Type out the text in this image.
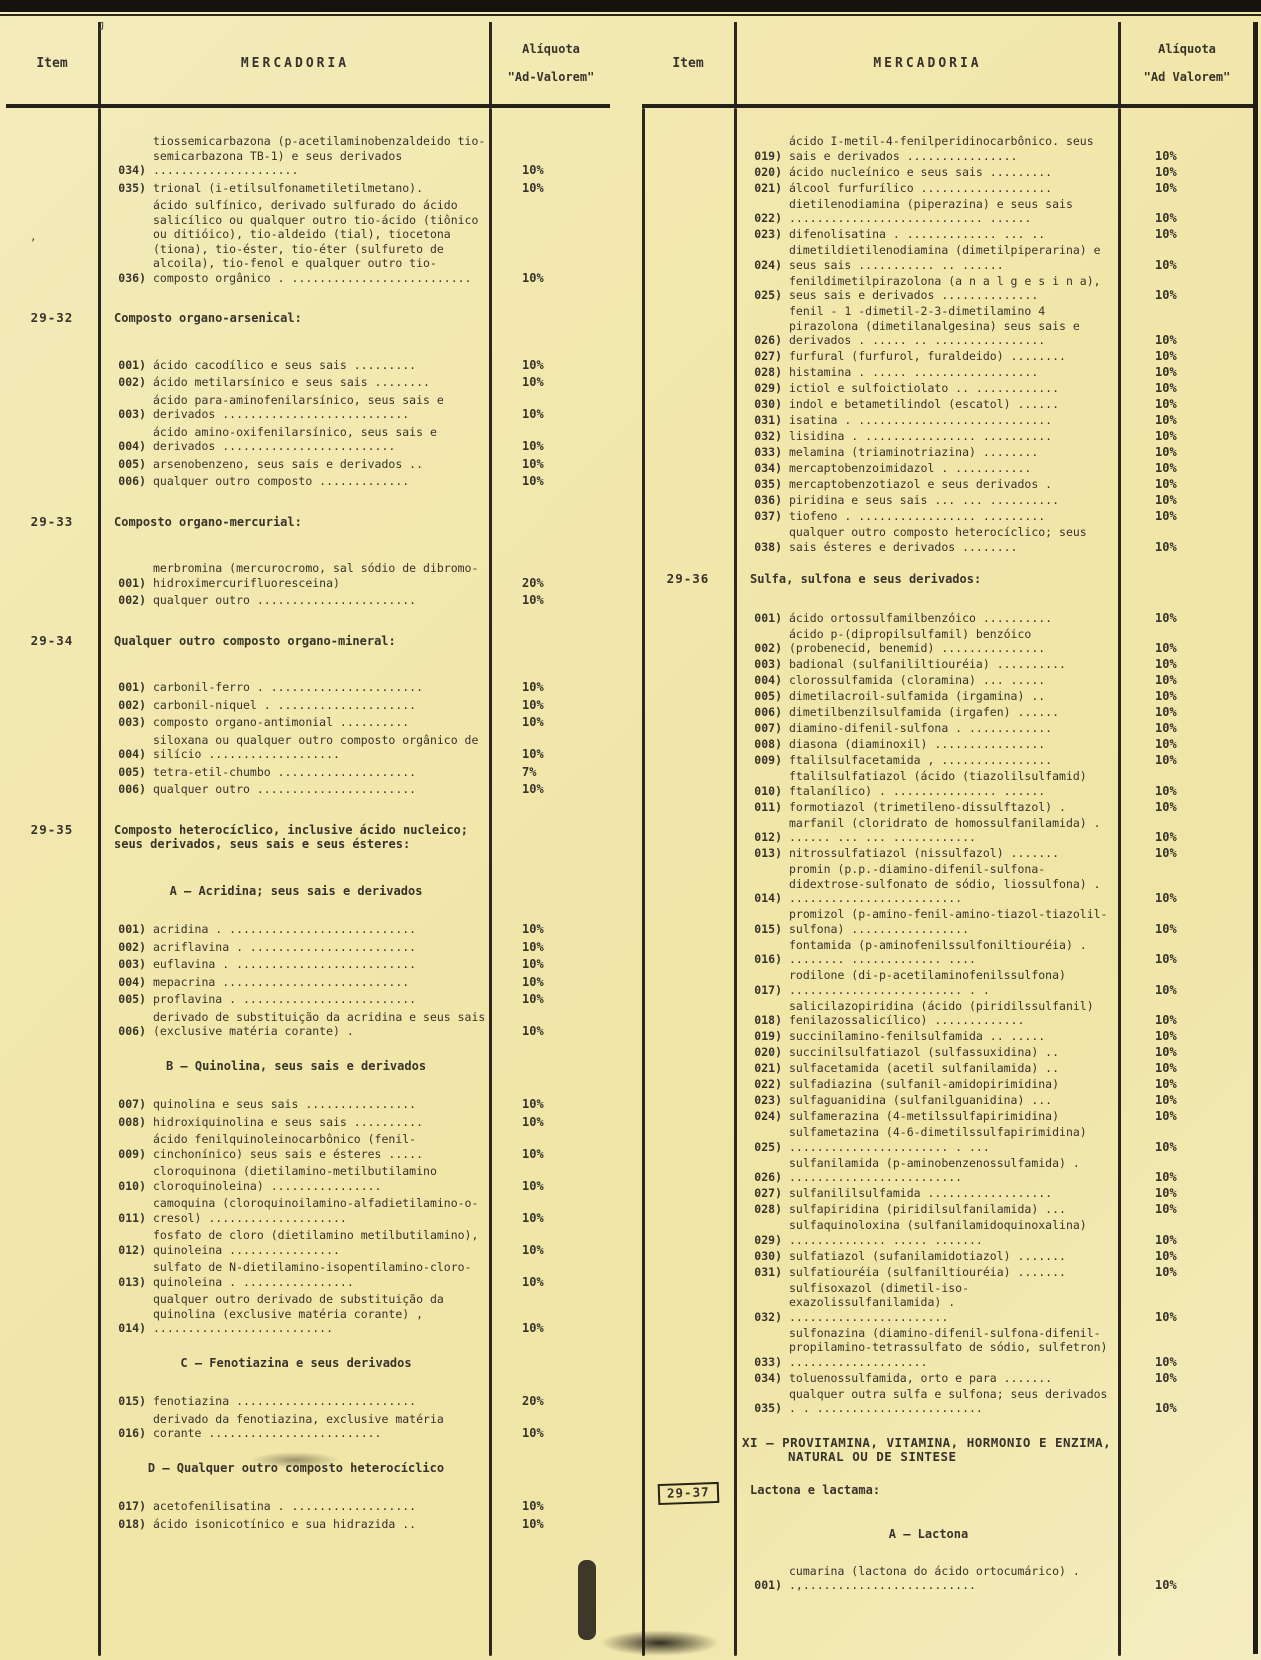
Item	MERCADORIA
Alíquota
"Ad-Valorem"
034)
tiossemicarbazona (p-acetilaminobenzaldeido tio-semicarbazona TB-1) e seus derivados .....................	10%
035) trional (i-etilsulfonametiletilmetano).	10%
036)
ácido sulfínico, derivado sulfurado do ácido salicílico ou qualquer outro tio-ácido (tiônico ou ditióico), tio-aldeido (tial), tiocetona (tiona), tio-éster, tio-éter (sulfureto de alcoila), tio-fenol e qualquer outro tio-composto orgânico . ..........................	10%
29-32	Composto organo-arsenical:
001) ácido cacodílico e seus sais .........	10%
002) ácido metilarsínico e seus sais ........	10%
003)
ácido para-aminofenilarsínico, seus sais e derivados ...........................	10%
004)
ácido amino-oxifenilarsínico, seus sais e derivados .........................	10%
005) arsenobenzeno, seus sais e derivados ..	10%
006) qualquer outro composto .............	10%
29-33	Composto organo-mercurial:
001)
merbromina (mercurocromo, sal sódio de dibromo-hidroximercurifluoresceina)	20%
002) qualquer outro .......................	10%
29-34	Qualquer outro composto organo-mineral:
001) carbonil-ferro . ......................	10%
002) carbonil-niquel . ....................	10%
003) composto organo-antimonial ..........	10%
004)
siloxana ou qualquer outro composto orgânico de silício ...................	10%
005) tetra-etil-chumbo ....................	7%
006) qualquer outro .......................	10%
29-35	Composto heterocíclico, inclusive ácido nucleico; seus derivados, seus sais e seus ésteres:
A — Acridina; seus sais e derivados
001) acridina . ...........................	10%
002) acriflavina . ........................	10%
003) euflavina . ..........................	10%
004) mepacrina ...........................	10%
005) proflavina . .........................	10%
006)
derivado de substituição da acridina e seus sais (exclusive matéria corante) .	10%
B — Quinolina, seus sais e derivados
007) quinolina e seus sais ................	10%
008) hidroxiquinolina e seus sais ..........	10%
009)
ácido fenilquinoleinocarbônico (fenil-cinchonínico) seus sais e ésteres .....	10%
010)
cloroquinona (dietilamino-metilbutilamino cloroquinoleina) ................	10%
011)
camoquina (cloroquinoilamino-alfadietilamino-o-cresol) ....................	10%
012)
fosfato de cloro (dietilamino metilbutilamino), quinoleina ................	10%
013)
sulfato de N-dietilamino-isopentilamino-cloro-quinoleina . ................	10%
014)
qualquer outro derivado de substituição da quinolina (exclusive matéria corante) , ..........................	10%
C — Fenotiazina e seus derivados
015) fenotiazina ..........................	20%
016)
derivado da fenotiazina, exclusive matéria corante .........................	10%
D — Qualquer outro composto heterocíclico
017) acetofenilisatina . ..................	10%
018) ácido isonicotínico e sua hidrazida ..	10%
Item	MERCADORIA
Alíquota
"Ad Valorem"
019)
ácido I-metil-4-fenilperidinocarbônico. seus sais e derivados ................	10%
020) ácido nucleínico e seus sais .........	10%
021) álcool furfurílico ...................	10%
022)
dietilenodiamina (piperazina) e seus sais ............................ ......	10%
023) difenolisatina . ............. ... ..	10%
024)
dimetildietilenodiamina (dimetilpiperarina) e seus sais ........... .. ......	10%
025)
fenildimetilpirazolona (a n a l g e s i n a), seus sais e derivados ..............	10%
026)
fenil - 1 -dimetil-2-3-dimetilamino 4 pirazolona (dimetilanalgesina) seus sais e derivados . ..... .. ................	10%
027) furfural (furfurol, furaldeido) ........	10%
028) histamina . ..... ..................	10%
029) ictiol e sulfoictiolato .. ............	10%
030) indol e betametilindol (escatol) ......	10%
031) isatina . ............................	10%
032) lisidina . ................ ..........	10%
033) melamina (triaminotriazina) ........	10%
034) mercaptobenzoimidazol . ...........	10%
035) mercaptobenzotiazol e seus derivados .	10%
036) piridina e seus sais ... ... ..........	10%
037) tiofeno . ................. .........	10%
038)
qualquer outro composto heterocíclico; seus sais ésteres e derivados ........	10%
29-36	Sulfa, sulfona e seus derivados:
001) ácido ortossulfamilbenzóico ..........	10%
002)
ácido p-(dipropilsulfamil) benzóico (probenecid, benemid) ...............	10%
003) badional (sulfanililtiouréia) ..........	10%
004) clorossulfamida (cloramina) ... .....	10%
005) dimetilacroil-sulfamida (irgamina) ..	10%
006) dimetilbenzilsulfamida (irgafen) ......	10%
007) diamino-difenil-sulfona . ............	10%
008) diasona (diaminoxil) ................	10%
009) ftalilsulfacetamida , ................	10%
010)
ftalilsulfatiazol (ácido (tiazolilsulfamid) ftalanílico) . ............... ......	10%
011) formotiazol (trimetileno-dissulftazol) .	10%
012)
marfanil (cloridrato de homossulfanilamida) . ...... ... ... ............	10%
013) nitrossulfatiazol (nissulfazol) .......	10%
014)
promin (p.p.-diamino-difenil-sulfona-didextrose-sulfonato de sódio, liossulfona) . .........................	10%
015)
promizol (p-amino-fenil-amino-tiazol-tiazolil-sulfona) .................	10%
016)
fontamida (p-aminofenilssulfoniltiouréia) . ........ ............. ....	10%
017)
rodilone (di-p-acetilaminofenilssulfona) ......................... . .	10%
018)
salicilazopiridina (ácido (piridilssulfanil) fenilazossalicílico) .............	10%
019) succinilamino-fenilsulfamida .. .....	10%
020) succinilsulfatiazol (sulfassuxidina) ..	10%
021) sulfacetamida (acetil sulfanilamida) ..	10%
022) sulfadiazina (sulfanil-amidopirimidina)	10%
023) sulfaguanidina (sulfanilguanidina) ...	10%
024) sulfamerazina (4-metilssulfapirimidina)	10%
025)
sulfametazina (4-6-dimetilssulfapirimidina) ....................... . ...	10%
026)
sulfanilamida (p-aminobenzenossulfamida) . .........................	10%
027) sulfanililsulfamida ..................	10%
028) sulfapiridina (piridilsulfanilamida) ...	10%
029)
sulfaquinoloxina (sulfanilamidoquinoxalina) .............. ..... .......	10%
030) sulfatiazol (sufanilamidotiazol) .......	10%
031) sulfatiouréia (sulfaniltiouréia) .......	10%
032)
sulfisoxazol (dimetil-iso-exazolissulfanilamida) . .......................	10%
033)
sulfonazina (diamino-difenil-sulfona-difenil-propilamino-tetrassulfato de sódio, sulfetron) ....................	10%
034) toluenossulfamida, orto e para .......	10%
035)
qualquer outra sulfa e sulfona; seus derivados . . ........................	10%
XI — PROVITAMINA, VITAMINA, HORMONIO E ENZIMA, NATURAL OU DE SINTESE
29-37	Lactona e lactama:
A — Lactona
001)
cumarina (lactona do ácido ortocumárico) . .,.........................	10%
J
,
